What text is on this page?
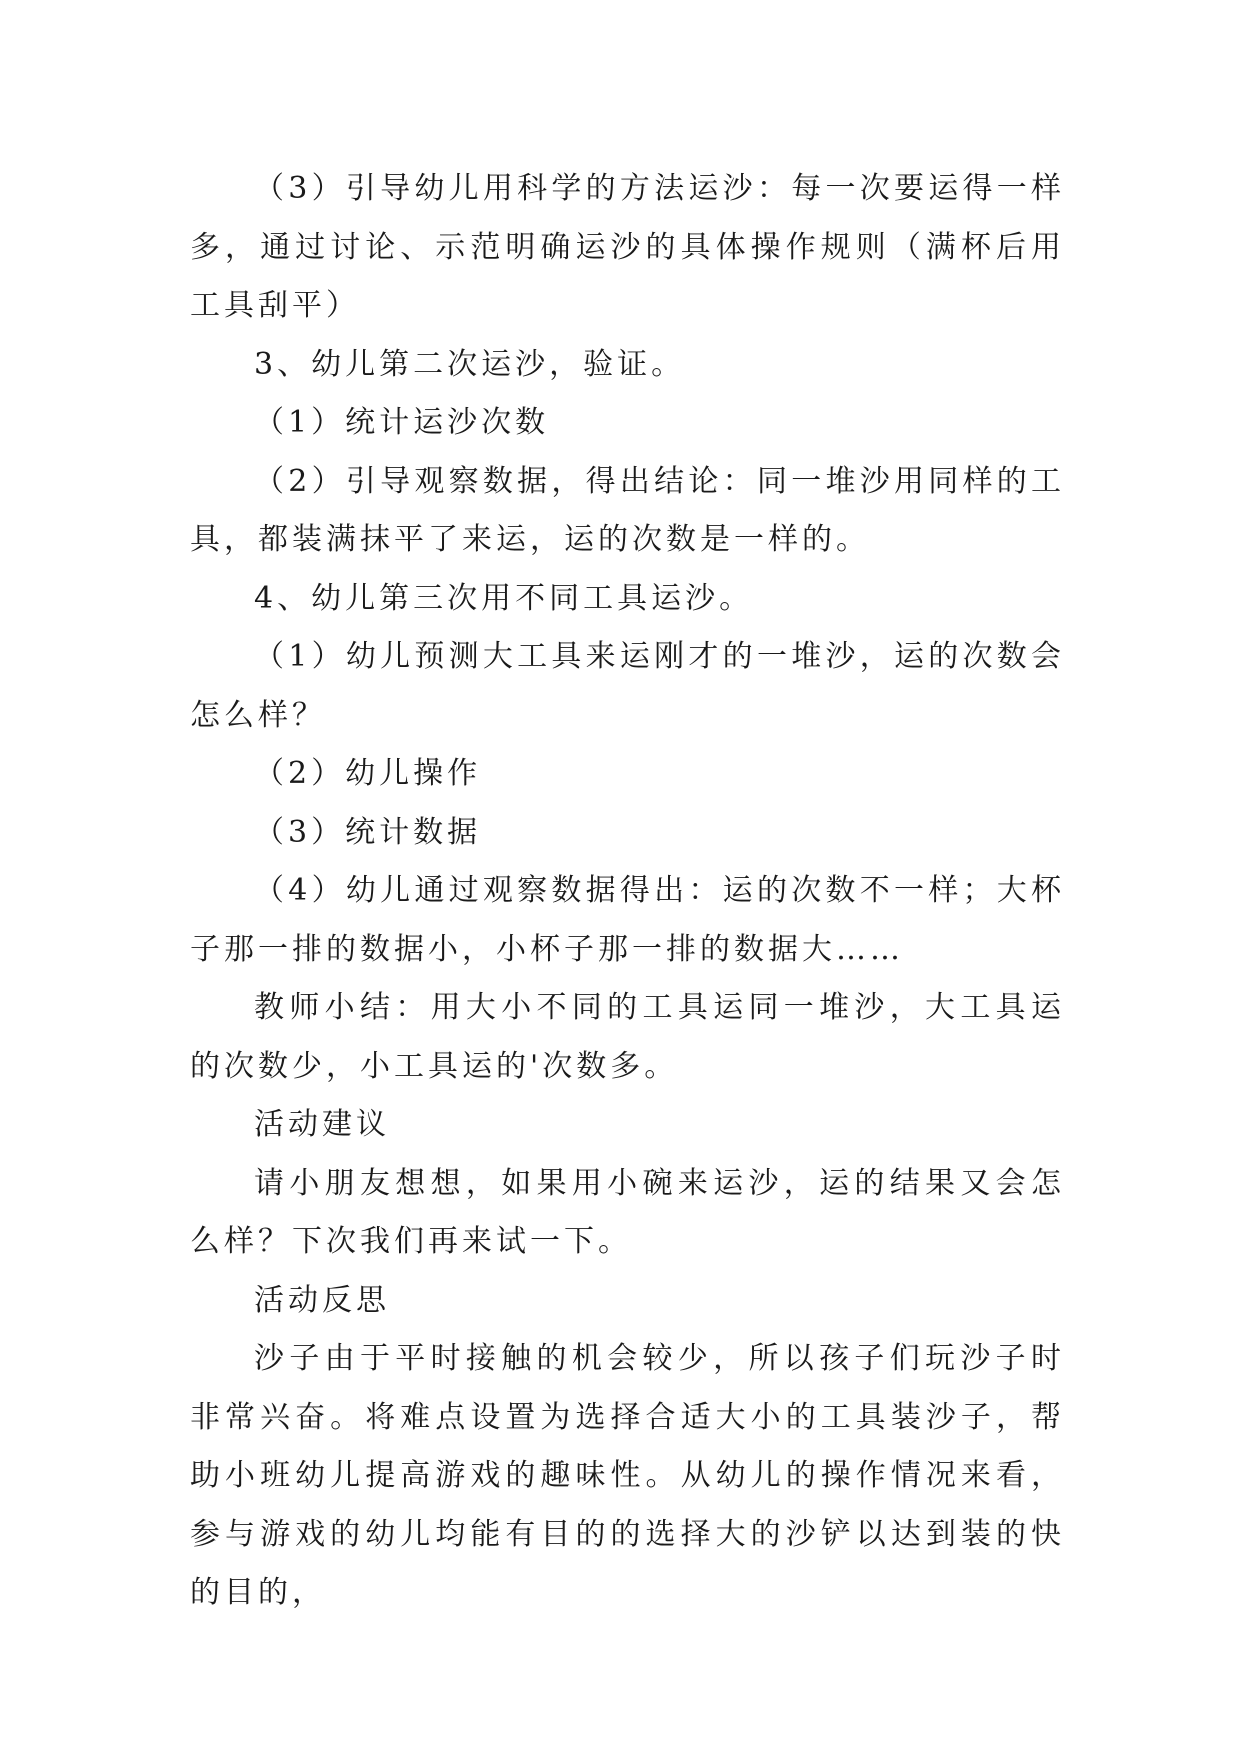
（3）引导幼儿用科学的方法运沙：每一次要运得一样多，通过讨论、示范明确运沙的具体操作规则（满杯后用工具刮平）

3、幼儿第二次运沙，验证。

（1）统计运沙次数

（2）引导观察数据，得出结论：同一堆沙用同样的工具，都装满抹平了来运，运的次数是一样的。

4、幼儿第三次用不同工具运沙。

（1）幼儿预测大工具来运刚才的一堆沙，运的次数会怎么样？

（2）幼儿操作

（3）统计数据

（4）幼儿通过观察数据得出：运的次数不一样；大杯子那一排的数据小，小杯子那一排的数据大……

教师小结：用大小不同的工具运同一堆沙，大工具运的次数少，小工具运的'次数多。

活动建议

请小朋友想想，如果用小碗来运沙，运的结果又会怎么样？下次我们再来试一下。

活动反思

沙子由于平时接触的机会较少，所以孩子们玩沙子时非常兴奋。将难点设置为选择合适大小的工具装沙子，帮助小班幼儿提高游戏的趣味性。从幼儿的操作情况来看，参与游戏的幼儿均能有目的的选择大的沙铲以达到装的快的目的，
